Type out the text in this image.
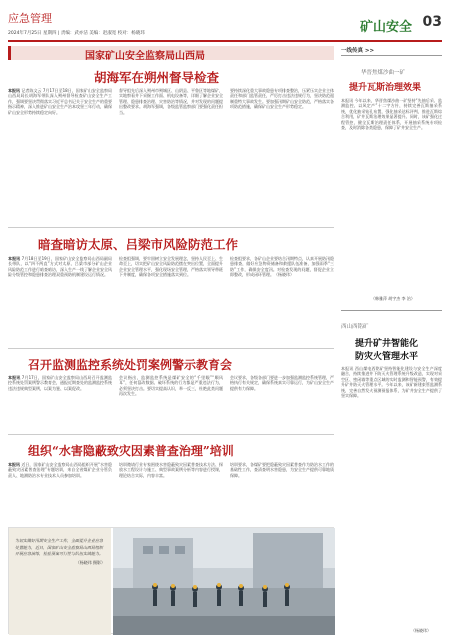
应急管理
2024年7月25日 星期四 | 责编：武亦洁 美编：赵淑宽 校对：杨晓玮	矿山安全 03
国家矿山安全监察局山西局
胡海军在朔州督导检查
本报讯 记者陈文云 7月17日至18日，国家矿山安全监察局山西局局长胡海军带队深入朔州督导检查矿山安全生产工作，强调要坚决贯彻落实习近平总书记关于安全生产的重要指示精神，深入推进矿山安全生产治本攻坚三年行动，确保矿山安全形势持续稳定向好。
督导组先后深入朔州市朔城区、山阴县、平鲁区等地煤矿，实地察看井下采掘工作面、机电设备等，详细了解企业安全管理、隐患排查治理、灾害防治等情况，并对发现的问题提出整改要求。胡海军强调，各级监管监察部门要强化责任担当。
要持续深化重大事故隐患专项排查整治，压紧压实企业主体责任和部门监管责任，严厉打击违法违规行为，坚决防范遏制重特大事故发生。要加强汛期矿山安全防范，严格落实各项防范措施，确保矿山安全生产形势稳定。
暗查暗访太原、吕梁市风险防范工作
本报讯 7月18日至19日，国家矿山安全监察局山西局副局长带队，以“四不两直”方式对太原、吕梁市部分矿山企业风险防范工作进行暗查暗访，深入生产一线了解企业安全风险分级管控和隐患排查治理双重预防机制建设运行情况。
检查组强调，要牢固树立安全发展理念，坚持人民至上、生命至上，切实把矿山安全风险防范摆在突出位置，全面提升企业安全管理水平，强化现场安全管理，严格落实领导带班下井制度，确保各项安全措施落实到位。
检查组要求，各矿山企业要结合汛期特点，认真开展防汛隐患排查，做好应急物资储备和救援队伍准备，加强雨季“三防”工作，确保安全度汛。对检查发现的问题，督促企业立即整改，形成闭环管理。（杨晓玮）
召开监测监控系统处罚案例警示教育会
本报讯 7月17日，国家矿山安全监察局山西局召开监测监控系统处罚案例警示教育会，通报近期查处的监测监控系统违法违规典型案例，以案为鉴、以案促改。
会议指出，监测监控系统是煤矿安全的“千里眼”“顺风耳”，任何篡改数据、破坏系统的行为都是严重违法行为，必须坚决打击。要切实提高认识，举一反三，杜绝此类问题再次发生。
会议要求，各级各部门要进一步加强监测监控系统管理，严格执行有关规定，确保系统真实可靠运行，为矿山安全生产提供有力保障。
组织“水害隐蔽致灾因素普查治理”培训
本报讯 近日，国家矿山安全监察局山西局组织开展“水害隐蔽致灾因素普查治理”专题培训，来自全省煤矿企业分管负责人、地测防治水专业技术人员参加培训。
培训邀请行业专家围绕水害隐蔽致灾因素普查技术方法、探放水工程设计与施工、典型事故案例分析等内容进行授课，理论结合实际，内容丰富。
培训要求，各煤矿要把隐蔽致灾因素普查作为防治水工作的基础性工作，查清查明水害隐患，为安全生产提供可靠地质保障。
为切实做好汛期安全生产工作，全面提升企业应急处置能力，近日，国家矿山安全监察局山西局组织开展应急演练，检验预案可行性与队伍实战能力。
（杨晓玮 摄影）
一线传真 >>
华晋焦煤沙曲一矿
提升瓦斯治理效果
本报讯 今年以来，华晋焦煤沙曲一矿坚持“先抽后采、监测监控、以风定产”十二字方针，持续完善瓦斯抽采系统，优化抽采钻孔布置，强化抽采达标评判，推进瓦斯综合利用，矿井瓦斯治理效果显著提升。同时，该矿强化过程管控，健全瓦斯治理责任体系，开展抽采系统专项检查，及时消除各类隐患，保障了矿井安全生产。
（韩雅萍 胡宇杰 李 治）
西山西铭矿
提升矿井智能化
防灾火管理水平
本报讯 西山煤电西铭矿坚持智能化建设与安全生产深度融合，持续推进井下防灭火管理系统升级改造，实现对采空区、密闭墙等重点区域的实时监测和智能预警，有效提升矿井防灭火管理水平。今年以来，该矿新建束管监测系统，完善自然发火预测预报体系，为矿井安全生产提供了坚实保障。
（杨晓玮）
